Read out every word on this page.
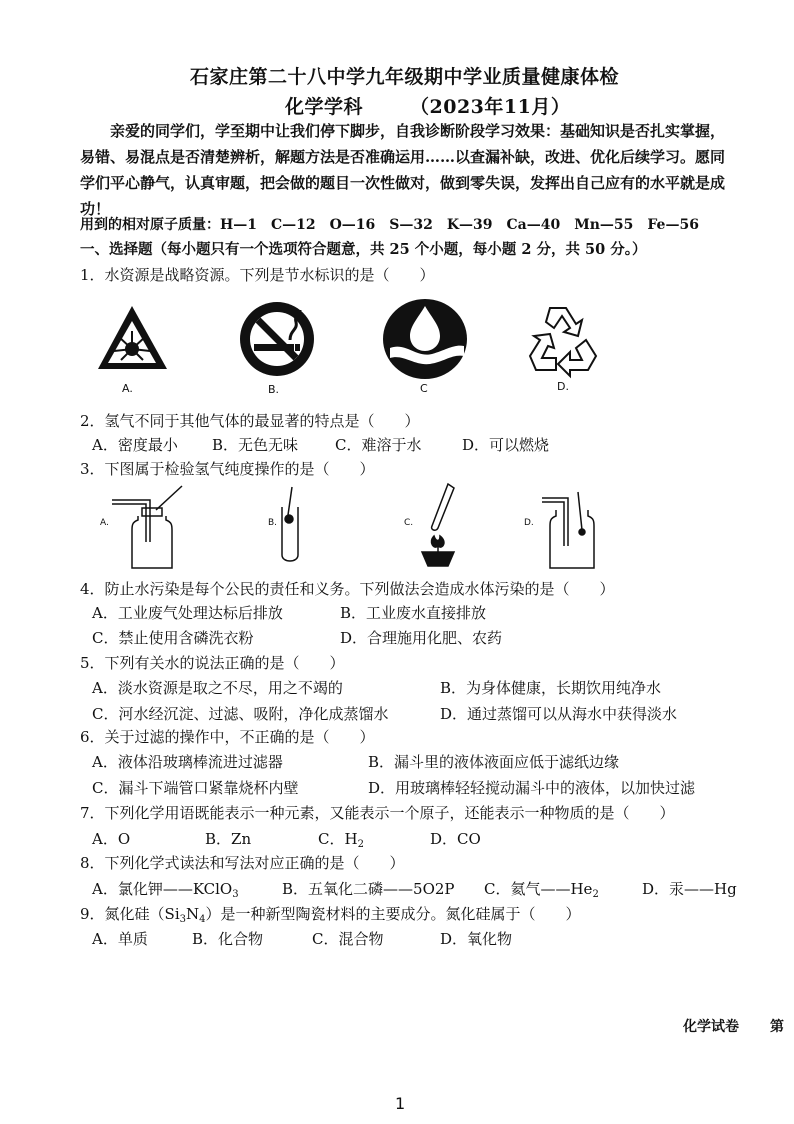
石家庄第二十八中学九年级期中学业质量健康体检
化学学科 （2023年11月）
亲爱的同学们，学至期中让我们停下脚步，自我诊断阶段学习效果：基础知识是否扎实掌握，
易错、易混点是否清楚辨析，解题方法是否准确运用……以查漏补缺，改进、优化后续学习。愿同
学们平心静气，认真审题，把会做的题目一次性做对，做到零失误，发挥出自己应有的水平就是成
功！
用到的相对原子质量：H—1　C—12　O—16　S—32　K—39　Ca—40　Mn—55　Fe—56
一、选择题（每小题只有一个选项符合题意，共 25 个小题，每小题 2 分，共 50 分。）
1．水资源是战略资源。下列是节水标识的是（　　）
A.	B.	C	D.
2．氢气不同于其他气体的最显著的特点是（　　）
A．密度最小 B．无色无味 C．难溶于水	D．可以燃烧
3．下图属于检验氢气纯度操作的是（　　）
A.	B.	C.	D.
4．防止水污染是每个公民的责任和义务。下列做法会造成水体污染的是（　　）
A．工业废气处理达标后排放	B．工业废水直接排放
C．禁止使用含磷洗衣粉	D．合理施用化肥、农药
5．下列有关水的说法正确的是（　　）
A．淡水资源是取之不尽，用之不竭的	B．为身体健康，长期饮用纯净水
C．河水经沉淀、过滤、吸附，净化成蒸馏水	D．通过蒸馏可以从海水中获得淡水
6．关于过滤的操作中，不正确的是（　　）
A．液体沿玻璃棒流进过滤器	B．漏斗里的液体液面应低于滤纸边缘
C．漏斗下端管口紧靠烧杯内壁	D．用玻璃棒轻轻搅动漏斗中的液体，以加快过滤
7．下列化学用语既能表示一种元素，又能表示一个原子，还能表示一种物质的是（　　）
A．O	B．Zn	C．$H_2$	D．CO
8．下列化学式读法和写法对应正确的是（　　）
A．氯化钾——KClO$_3$	B．五氧化二磷——5O2P C．氦气$——He_2$	D．汞——Hg
9．氮化硅$(Si_3N_4)$是一种新型陶瓷材料的主要成分。氮化硅属于（　　）
A．单质	B．化合物	C．混合物	D．氧化物
化学试卷 第
1
